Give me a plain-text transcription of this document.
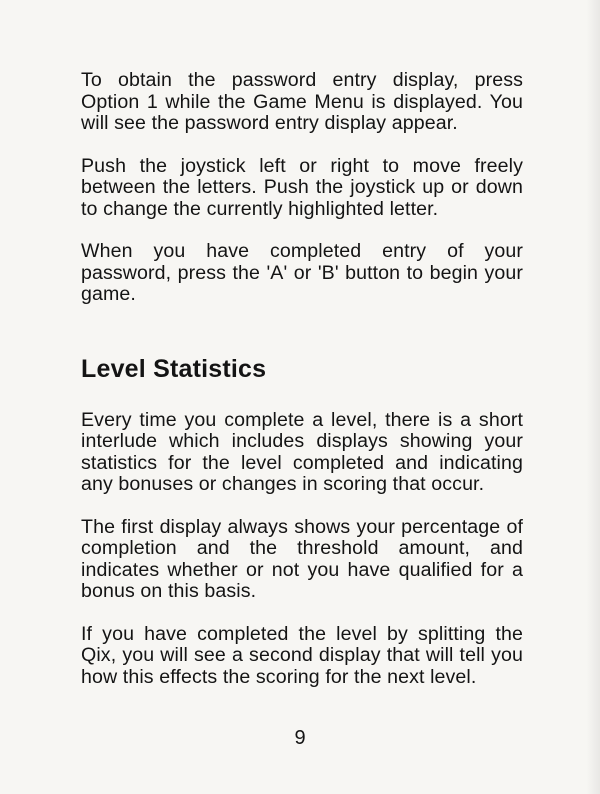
To obtain the password entry display, press Option 1 while the Game Menu is displayed. You will see the password entry display appear.

Push the joystick left or right to move freely between the letters. Push the joystick up or down to change the currently highlighted letter.

When you have completed entry of your password, press the 'A' or 'B' button to begin your game.

Level Statistics

Every time you complete a level, there is a short interlude which includes displays showing your statistics for the level completed and indicating any bonuses or changes in scoring that occur.

The first display always shows your percentage of completion and the threshold amount, and indicates whether or not you have qualified for a bonus on this basis.

If you have completed the level by splitting the Qix, you will see a second display that will tell you how this effects the scoring for the next level.

9
